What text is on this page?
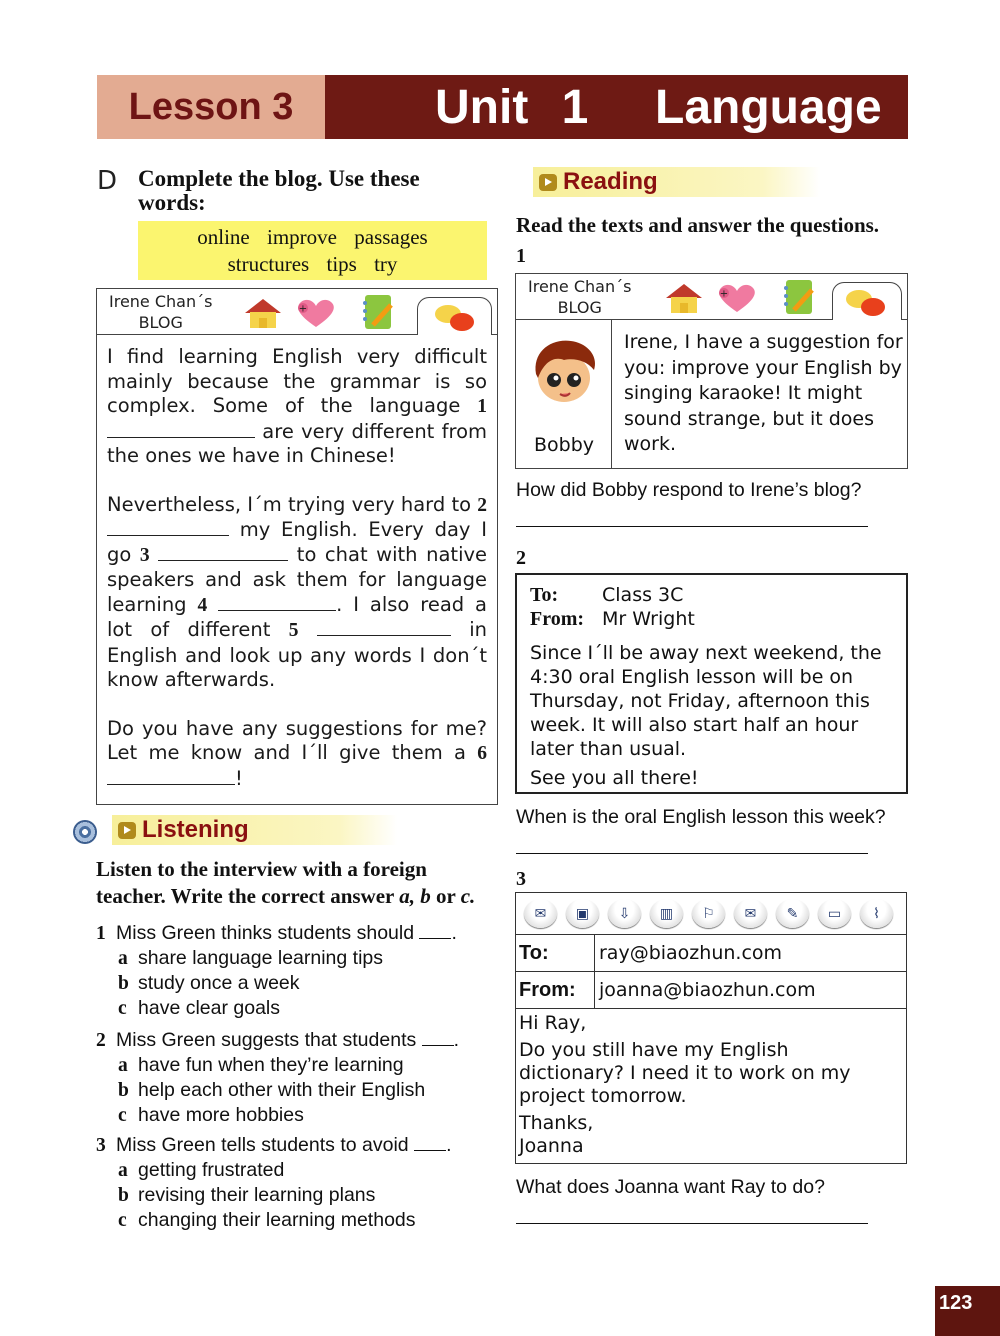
Lesson 3	Unit 1  Language
D Complete the blog. Use these words:
online improve passages
structures tips try
Irene Chan´s
BLOG
+

I find learning English very difficult mainly because the grammar is so complex. Some of the language 1  are very different from the ones we have in Chinese!

Nevertheless, I´m trying very hard to 2  my English. Every day I go 3	to chat with native speakers and ask them for language learning 4	. I also read a lot of different 5	in English and look up any words I don´t know afterwards.

Do you have any suggestions for me? Let me know and I´ll give them a 6 !

Listening
Listen to the interview with a foreign teacher. Write the correct answer a, b or c.
1 Miss Green thinks students should .
a share language learning tips
b study once a week
c have clear goals
2 Miss Green suggests that students .
a have fun when they’re learning
b help each other with their English
c have more hobbies
3 Miss Green tells students to avoid .
a getting frustrated
b revising their learning plans
c changing their learning methods
Reading
Read the texts and answer the questions.
1
Irene Chan´s
BLOG
+
Bobby
Irene, I have a suggestion for you: improve your English by singing karaoke! It might sound strange, but it does work.
How did Bobby respond to Irene’s blog?
2
To:	Class 3C
From: Mr Wright
Since I´ll be away next weekend, the 4:30 oral English lesson will be on Thursday, not Friday, afternoon this week. It will also start half an hour later than usual.
See you all there!
When is the oral English lesson this week?
3
✉	▣	⇩	▥	⚐	✉	✎	▭	⌇
To:	ray@biaozhun.com
From:	joanna@biaozhun.com
Hi Ray,
Do you still have my English dictionary? I need it to work on my project tomorrow.
Thanks,
Joanna
What does Joanna want Ray to do?
123
